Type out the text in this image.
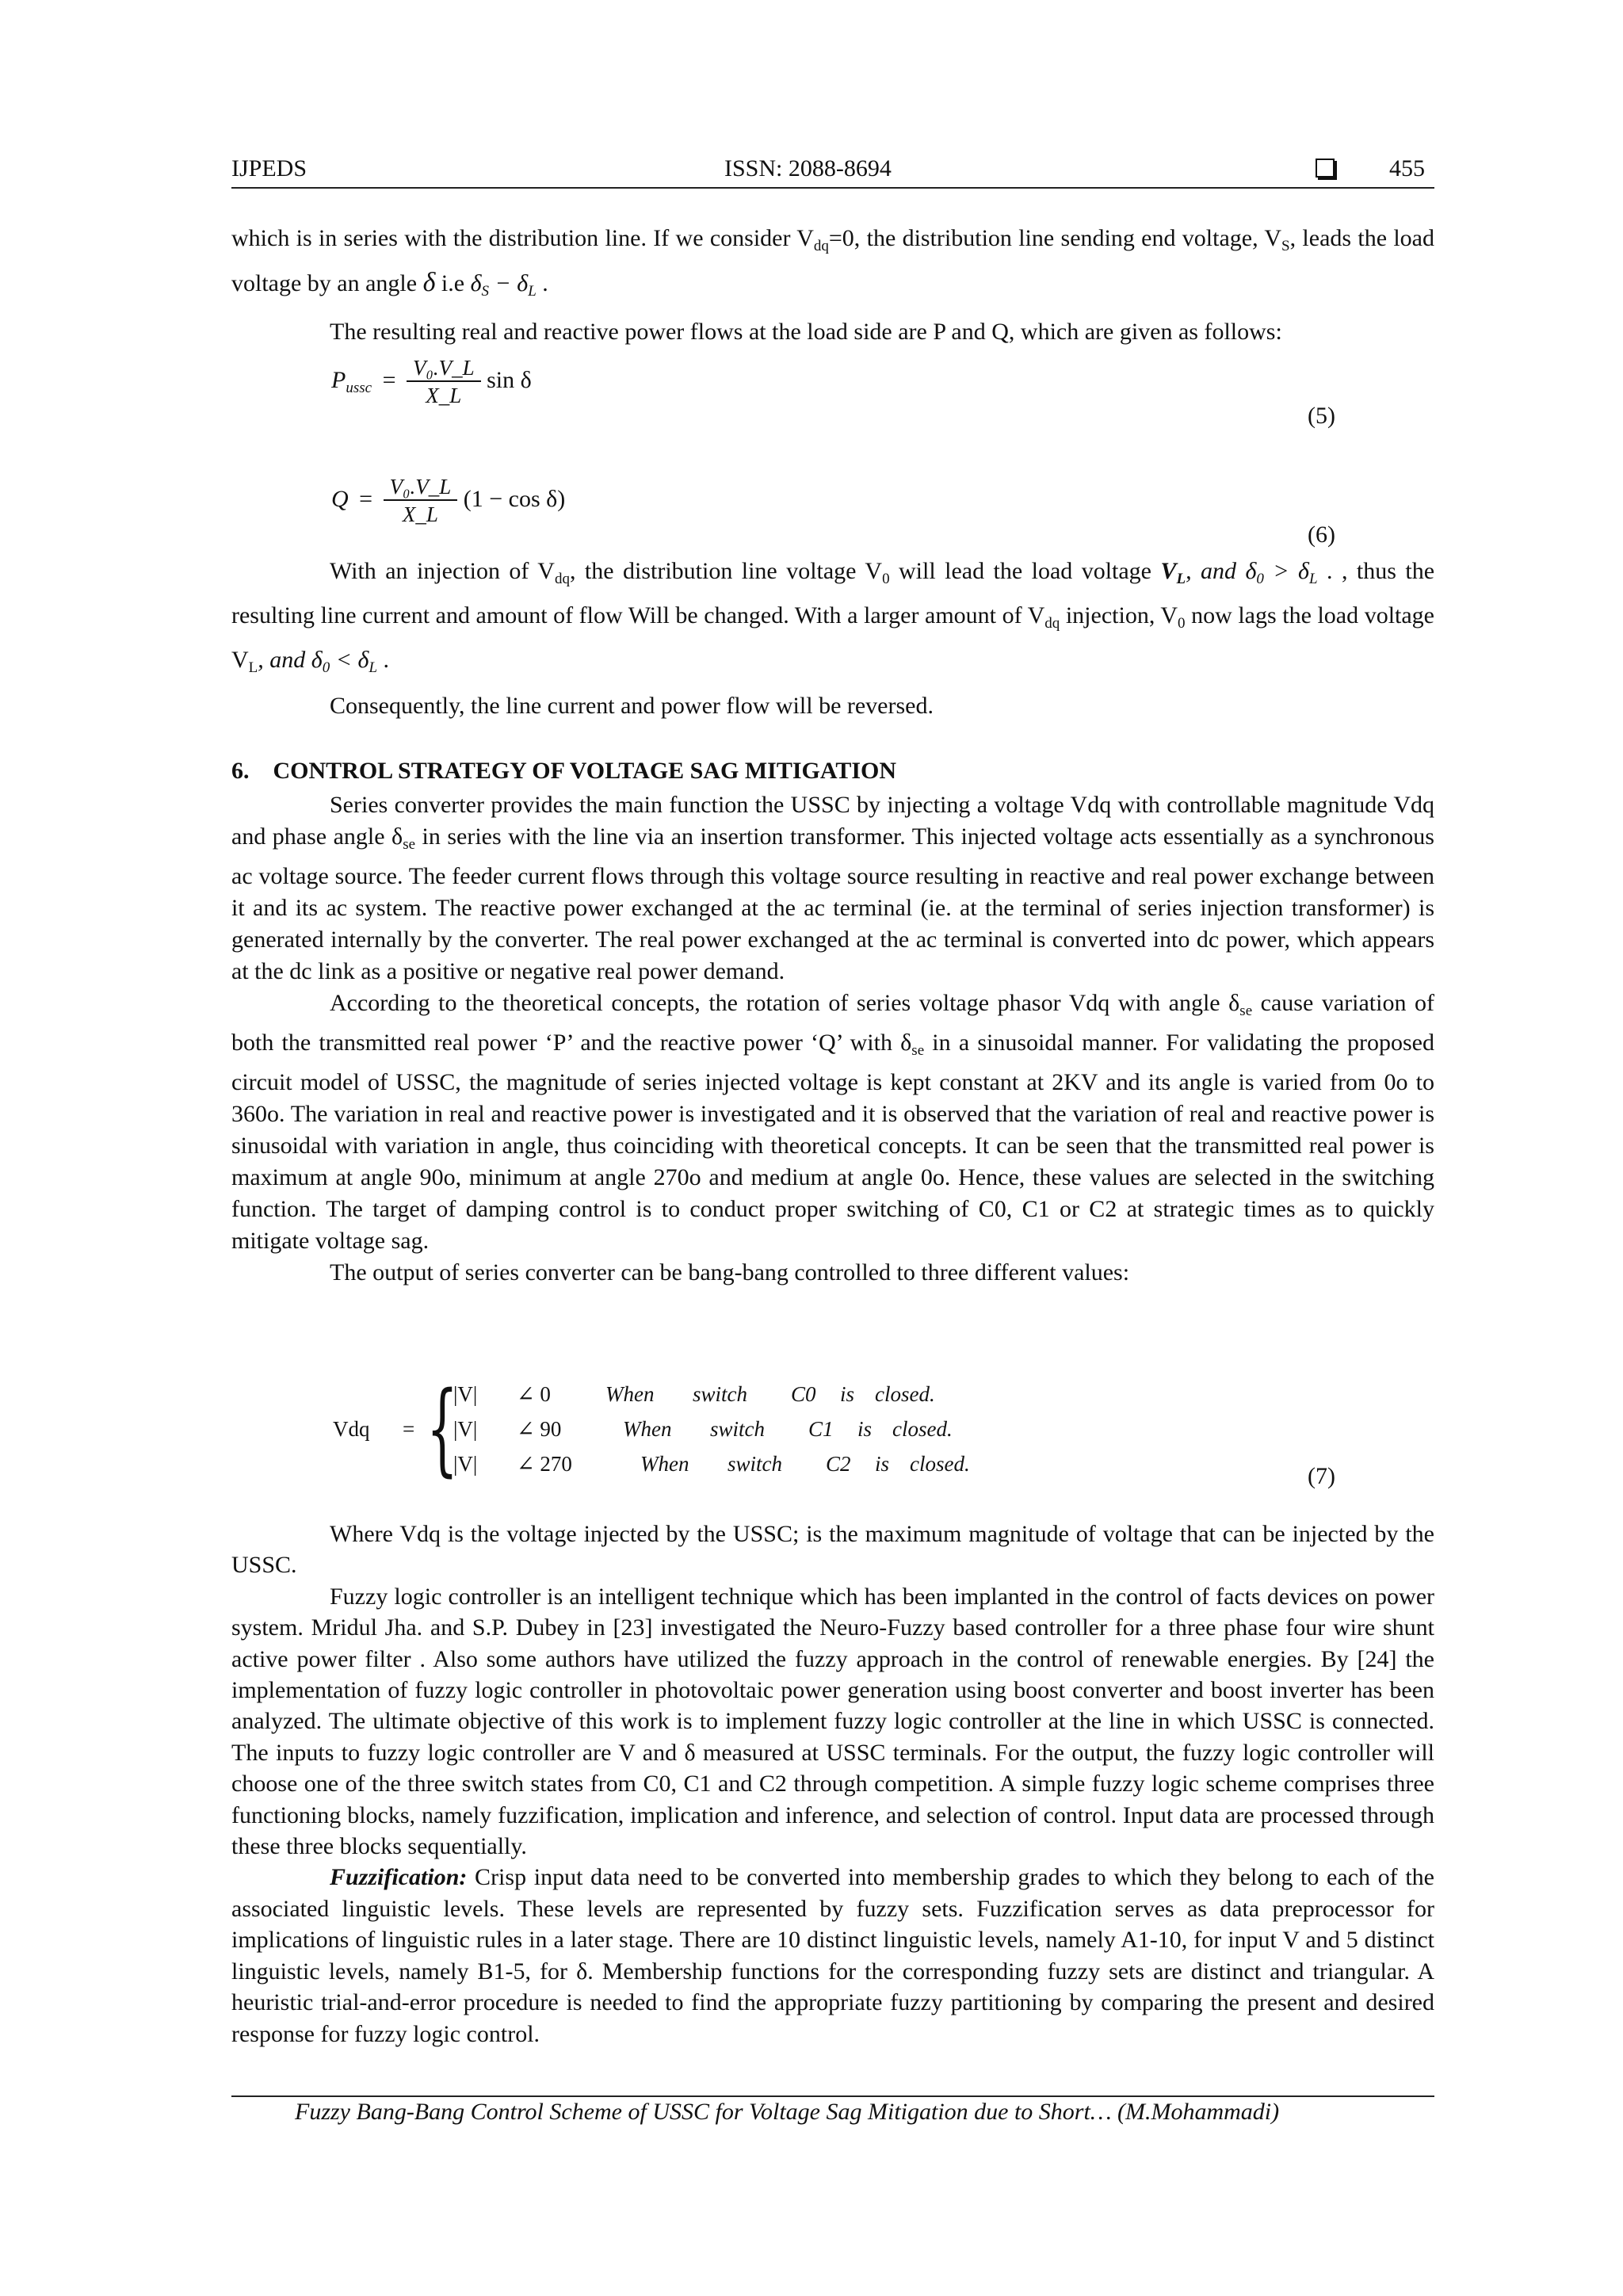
IJPEDS	ISSN: 2088-8694	455

which is in series with the distribution line. If we consider $V_{dq}=0$, the distribution line sending end voltage, $V_S$, leads the load voltage by an angle δ i.e $\delta_S - \delta_L$ .

The resulting real and reactive power flows at the load side are P and Q, which are given as follows:

$P_{ussc} = \frac{\text{V₀.V\_L}}{X\_L}$ sin δ
(5)
$Q = \frac{\text{V₀.V\_L}}{X\_L} (1 - \cos \delta)$
(6)

With an injection of $V_{dq}$, the distribution line voltage $V_0$ will lead the load voltage $V_L$, and $\delta_0 > \delta_L$ . , thus the resulting line current and amount of flow Will be changed. With a larger amount of $V_{dq}$ injection, $V_0$ now lags the load voltage $V_L$, and $\delta_0 < \delta_L$ .

Consequently, the line current and power flow will be reversed.

6.    CONTROL STRATEGY OF VOLTAGE SAG MITIGATION

Series converter provides the main function the USSC by injecting a voltage Vdq with controllable magnitude Vdq and phase angle $\delta_{se}$ in series with the line via an insertion transformer. This injected voltage acts essentially as a synchronous ac voltage source. The feeder current flows through this voltage source resulting in reactive and real power exchange between it and its ac system. The reactive power exchanged at the ac terminal (ie. at the terminal of series injection transformer) is generated internally by the converter. The real power exchanged at the ac terminal is converted into dc power, which appears at the dc link as a positive or negative real power demand.

According to the theoretical concepts, the rotation of series voltage phasor Vdq with angle $\delta_{se}$ cause variation of both the transmitted real power ‘P’ and the reactive power ‘Q’ with $\delta_{se}$ in a sinusoidal manner. For validating the proposed circuit model of USSC, the magnitude of series injected voltage is kept constant at 2KV and its angle is varied from 0o to 360o. The variation in real and reactive power is investigated and it is observed that the variation of real and reactive power is sinusoidal with variation in angle, thus coinciding with theoretical concepts. It can be seen that the transmitted real power is maximum at angle 90o, minimum at angle 270o and medium at angle 0o. Hence, these values are selected in the switching function. The target of damping control is to conduct proper switching of C0, C1 or C2 at strategic times as to quickly mitigate voltage sag.

The output of series converter can be bang-bang controlled to three different values:

Vdq = {
|V| ∠ 0	When switch C0 is closed.
|V| ∠ 90	When switch C1 is closed.
|V| ∠ 270	When switch C2 is closed.	(7)

Where Vdq is the voltage injected by the USSC; is the maximum magnitude of voltage that can be injected by the USSC.

Fuzzy logic controller is an intelligent technique which has been implanted in the control of facts devices on power system. Mridul Jha. and S.P. Dubey in [23] investigated the Neuro-Fuzzy based controller for a three phase four wire shunt active power filter . Also some authors have utilized the fuzzy approach in the control of renewable energies. By [24] the implementation of fuzzy logic controller in photovoltaic power generation using boost converter and boost inverter has been analyzed. The ultimate objective of this work is to implement fuzzy logic controller at the line in which USSC is connected. The inputs to fuzzy logic controller are V and δ measured at USSC terminals. For the output, the fuzzy logic controller will choose one of the three switch states from C0, C1 and C2 through competition. A simple fuzzy logic scheme comprises three functioning blocks, namely fuzzification, implication and inference, and selection of control. Input data are processed through these three blocks sequentially.

Fuzzification: Crisp input data need to be converted into membership grades to which they belong to each of the associated linguistic levels. These levels are represented by fuzzy sets. Fuzzification serves as data preprocessor for implications of linguistic rules in a later stage. There are 10 distinct linguistic levels, namely A1-10, for input V and 5 distinct linguistic levels, namely B1-5, for δ. Membership functions for the corresponding fuzzy sets are distinct and triangular. A heuristic trial-and-error procedure is needed to find the appropriate fuzzy partitioning by comparing the present and desired response for fuzzy logic control.

Fuzzy Bang-Bang Control Scheme of USSC for Voltage Sag Mitigation due to Short… (M.Mohammadi)
